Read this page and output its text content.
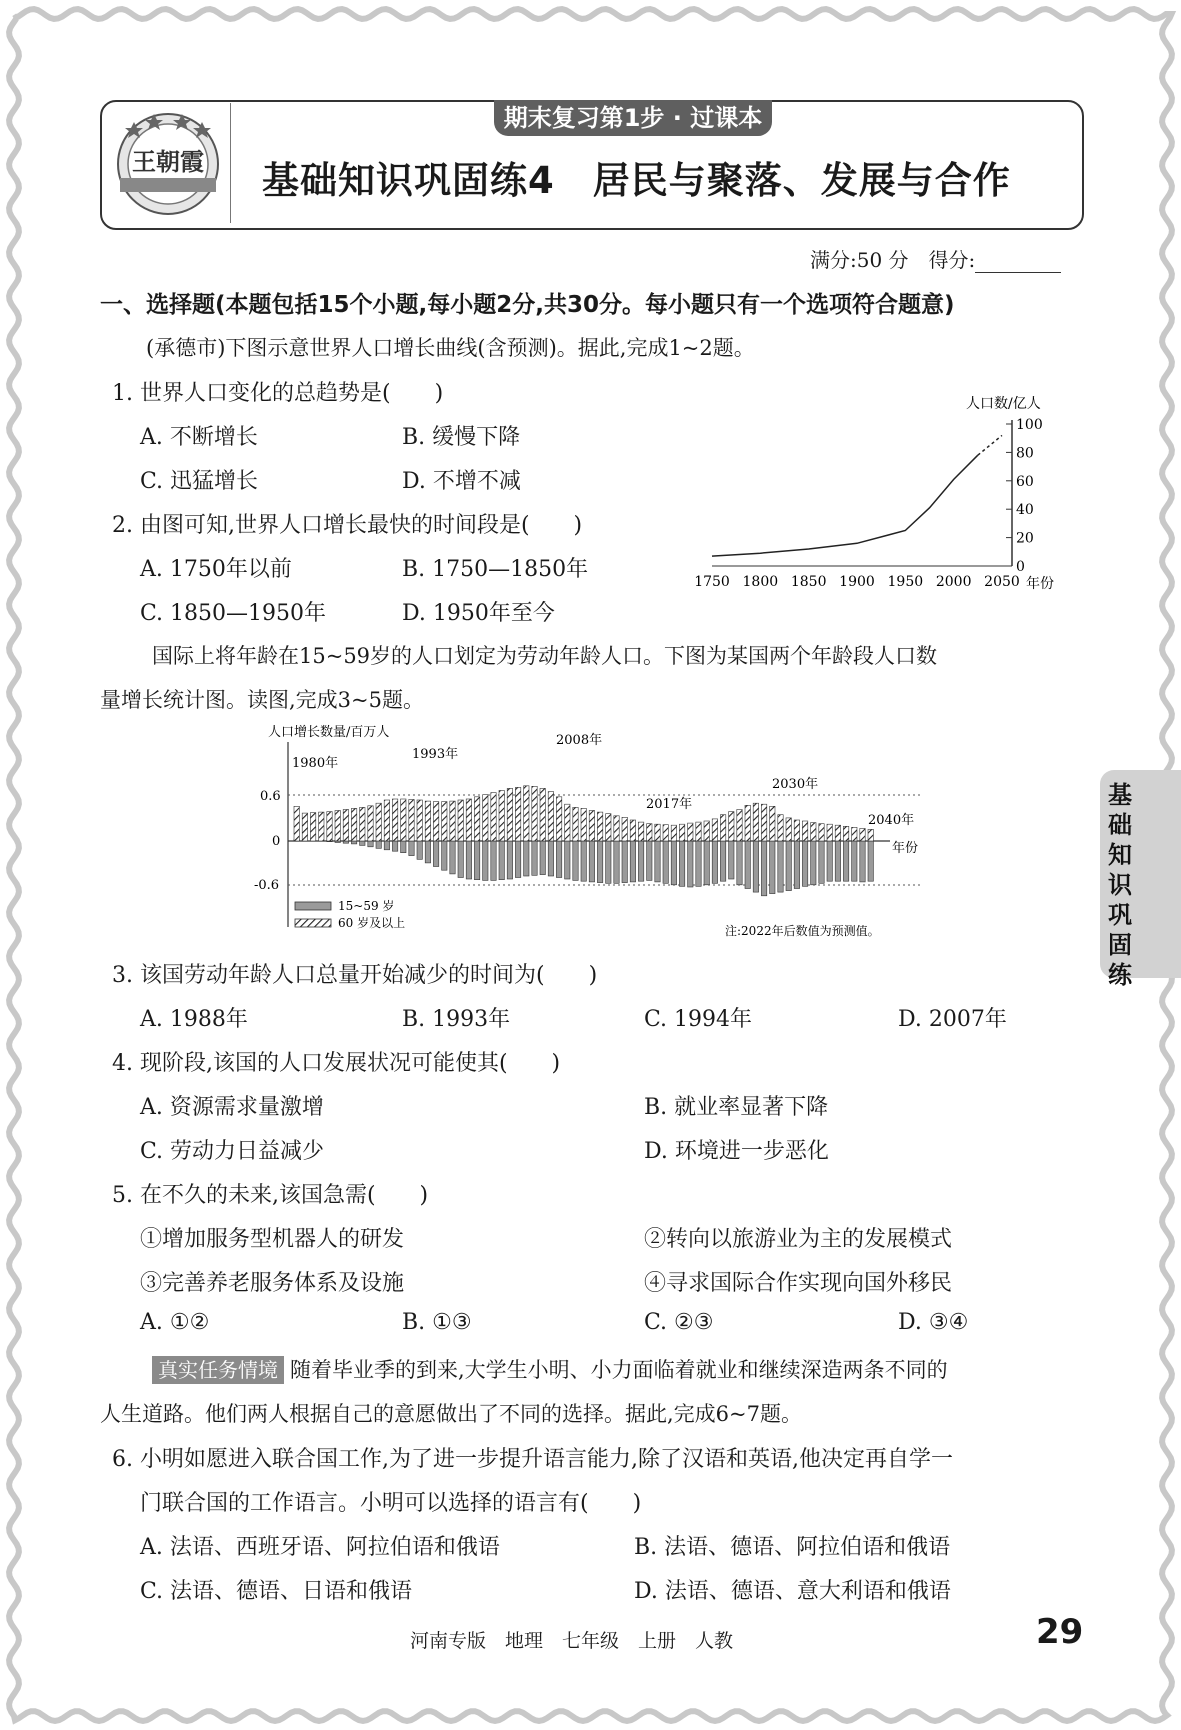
王朝霞
期末复习第1步 · 过课本
基础知识巩固练4　居民与聚落、发展与合作
满分:50 分　得分:
一、选择题(本题包括15个小题,每小题2分,共30分。每小题只有一个选项符合题意)
(承德市)下图示意世界人口增长曲线(含预测)。据此,完成1~2题。
1. 世界人口变化的总趋势是(　　)
A. 不断增长	B. 缓慢下降
C. 迅猛增长	D. 不增不减
2. 由图可知,世界人口增长最快的时间段是(　　)
A. 1750年以前	B. 1750—1850年
C. 1850—1950年	D. 1950年至今
人口数/亿人
0
20
40
60
80
100
1750 1800 1850 1900 1950 2000 2050 年份
国际上将年龄在15~59岁的人口划定为劳动年龄人口。下图为某国两个年龄段人口数
量增长统计图。读图,完成3~5题。
人口增长数量/百万人
0.6
0
-0.6
年份
1980年
1993年
2008年
2017年
2030年
2040年
15~59 岁
60 岁及以上
注:2022年后数值为预测值。
3. 该国劳动年龄人口总量开始减少的时间为(　　)
A. 1988年	B. 1993年	C. 1994年	D. 2007年
4. 现阶段,该国的人口发展状况可能使其(　　)
A. 资源需求量激增	B. 就业率显著下降
C. 劳动力日益减少	D. 环境进一步恶化
5. 在不久的未来,该国急需(　　)
①增加服务型机器人的研发	②转向以旅游业为主的发展模式
③完善养老服务体系及设施	④寻求国际合作实现向国外移民
A. ①②	B. ①③	C. ②③	D. ③④
真实任务情境 随着毕业季的到来,大学生小明、小力面临着就业和继续深造两条不同的
人生道路。他们两人根据自己的意愿做出了不同的选择。据此,完成6~7题。
6. 小明如愿进入联合国工作,为了进一步提升语言能力,除了汉语和英语,他决定再自学一
门联合国的工作语言。小明可以选择的语言有(　　)
A. 法语、西班牙语、阿拉伯语和俄语	B. 法语、德语、阿拉伯语和俄语
C. 法语、德语、日语和俄语	D. 法语、德语、意大利语和俄语
基础知识巩固练
河南专版　地理　七年级　上册　人教	29
